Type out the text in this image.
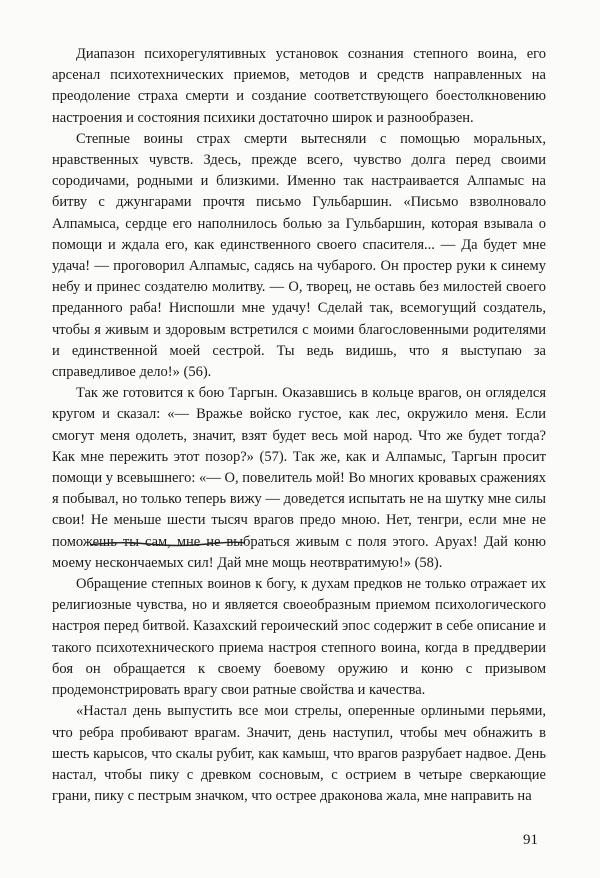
Диапазон психорегулятивных установок сознания степного воина, его арсенал психотехнических приемов, методов и средств направленных на преодоление страха смерти и создание соответствующего боестолкновению настроения и состояния психики достаточно широк и разнообразен.

Степные воины страх смерти вытесняли с помощью моральных, нравственных чувств. Здесь, прежде всего, чувство долга перед своими сородичами, родными и близкими. Именно так настраивается Алпамыс на битву с джунгарами прочтя письмо Гульбаршин. «Письмо взволновало Алпамыса, сердце его наполнилось болью за Гульбаршин, которая взывала о помощи и ждала его, как единственного своего спасителя... — Да будет мне удача! — проговорил Алпамыс, садясь на чубарого. Он простер руки к синему небу и принес создателю молитву. — О, творец, не оставь без милостей своего преданного раба! Ниспошли мне удачу! Сделай так, всемогущий создатель, чтобы я живым и здоровым встретился с моими благословенными родителями и единственной моей сестрой. Ты ведь видишь, что я выступаю за справедливое дело!» (56).

Так же готовится к бою Таргын. Оказавшись в кольце врагов, он огляделся кругом и сказал: «— Вражье войско густое, как лес, окружило меня. Если смогут меня одолеть, значит, взят будет весь мой народ. Что же будет тогда? Как мне пережить этот позор?» (57). Так же, как и Алпамыс, Таргын просит помощи у всевышнего: «— О, повелитель мой! Во многих кровавых сражениях я побывал, но только теперь вижу — доведется испытать не на шутку мне силы свои! Не меньше шести тысяч врагов предо мною. Нет, тенгри, если мне не поможешь ты сам, мне не выбраться живым с поля этого. Аруах! Дай коню моему нескончаемых сил! Дай мне мощь неотвратимую!» (58).

Обращение степных воинов к богу, к духам предков не только отражает их религиозные чувства, но и является своеобразным приемом психологического настроя перед битвой. Казахский героический эпос содержит в себе описание и такого психотехнического приема настроя степного воина, когда в преддверии боя он обращается к своему боевому оружию и коню с призывом продемонстрировать врагу свои ратные свойства и качества.

«Настал день выпустить все мои стрелы, оперенные орлиными перьями, что ребра пробивают врагам. Значит, день наступил, чтобы меч обнажить в шесть карысов, что скалы рубит, как камыш, что врагов разрубает надвое. День настал, чтобы пику с древком сосновым, с острием в четыре сверкающие грани, пику с пестрым значком, что острее драконова жала, мне направить на

91
